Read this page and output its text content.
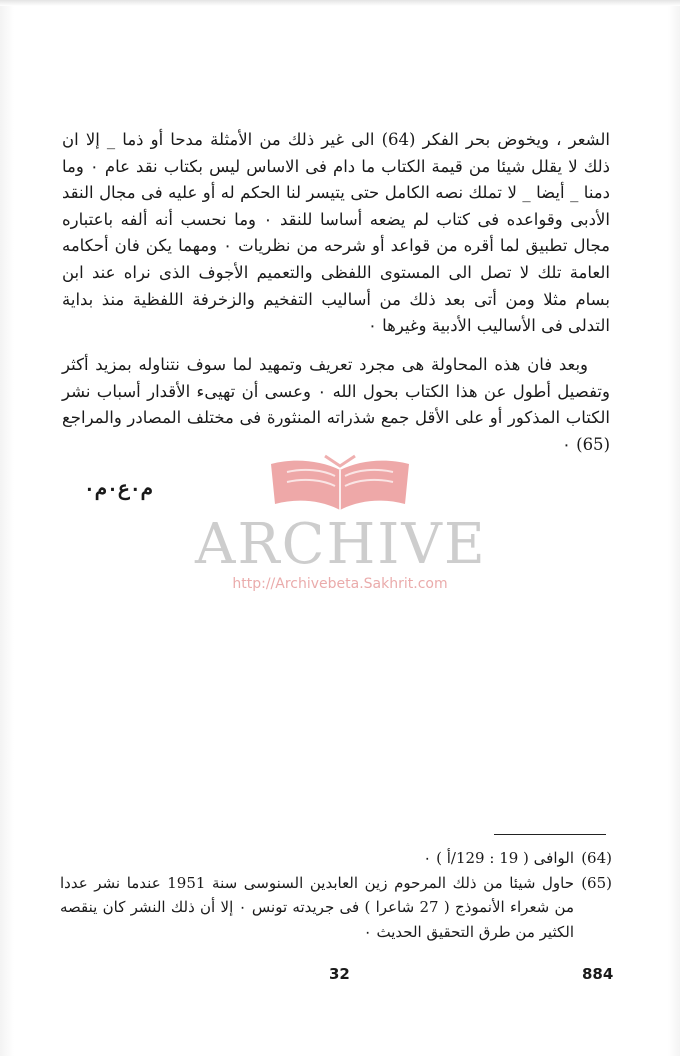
الشعر ، ويخوض بحر الفكر (64) الى غير ذلك من الأمثلة مدحا أو ذما _ إلا ان ذلك لا يقلل شيئا من قيمة الكتاب ما دام فى الاساس ليس بكتاب نقد عام ٠ وما دمنا _ أيضا _ لا تملك نصه الكامل حتى يتيسر لنا الحكم له أو عليه فى مجال النقد الأدبى وقواعده فى كتاب لم يضعه أساسا للنقد ٠ وما نحسب أنه ألفه باعتباره مجال تطبيق لما أقره من قواعد أو شرحه من نظريات ٠ ومهما يكن فان أحكامه العامة تلك لا تصل الى المستوى اللفظى والتعميم الأجوف الذى نراه عند ابن بسام مثلا ومن أتى بعد ذلك من أساليب التفخيم والزخرفة اللفظية منذ بداية التدلى فى الأساليب الأدبية وغيرها ٠

وبعد فان هذه المحاولة هى مجرد تعريف وتمهيد لما سوف نتناوله بمزيد أكثر وتفصيل أطول عن هذا الكتاب بحول الله ٠ وعسى أن تهيىء الأقدار أسباب نشر الكتاب المذكور أو على الأقل جمع شذراته المنثورة فى مختلف المصادر والمراجع (65) ٠

م٠ع٠م٠
ARCHIVE
http://Archivebeta.Sakhrit.com
(64)
الوافى ( 19 : 129/أ ) ٠
(65)
حاول شيئا من ذلك المرحوم زين العابدين السنوسى سنة 1951 عندما نشر عددا من شعراء الأنموذج ( 27 شاعرا ) فى جريدته تونس ٠ إلا أن ذلك النشر كان ينقصه الكثير من طرق التحقيق الحديث ٠
32	884
